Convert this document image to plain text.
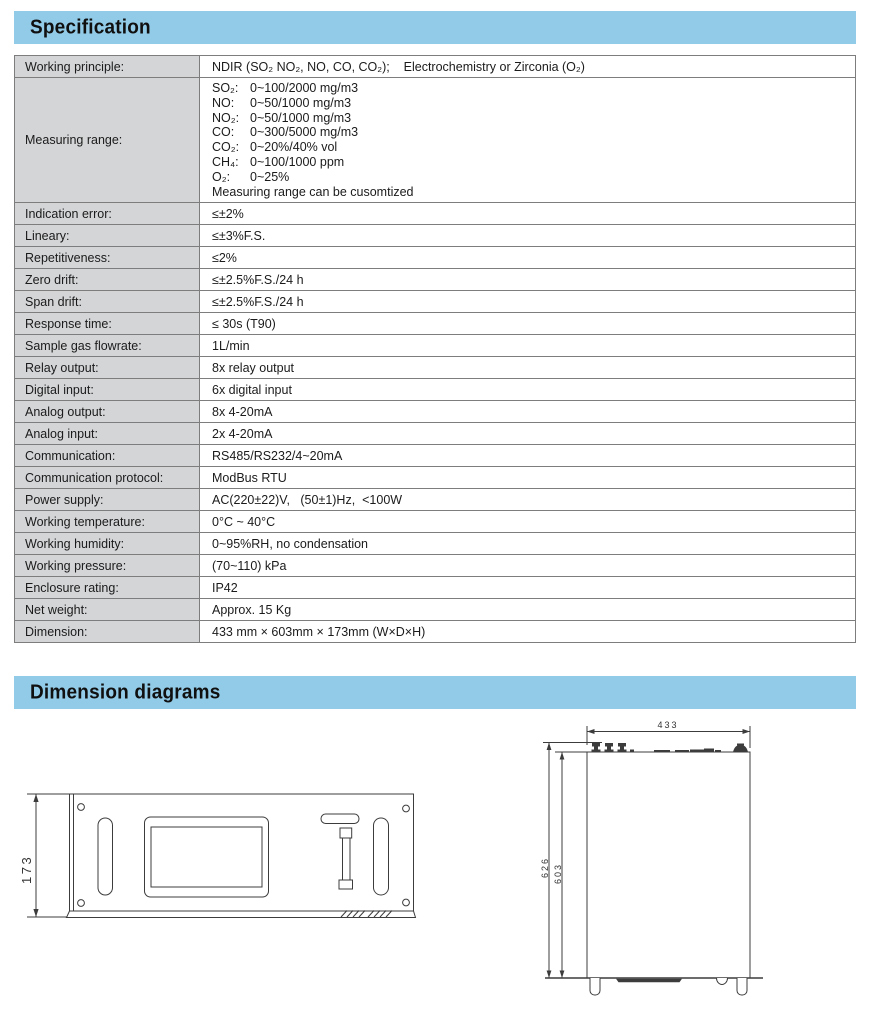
Specification
Working principle:	NDIR (SO₂ NO₂, NO, CO, CO₂);    Electrochemistry or Zirconia (O₂)
Measuring range:	
SO₂: 0~100/2000 mg/m3
NO:	0~50/1000 mg/m3
NO₂: 0~50/1000 mg/m3
CO:	0~300/5000 mg/m3
CO₂: 0~20%/40% vol
CH₄: 0~100/1000 ppm
O₂:	0~25%
Measuring range can be cusomtized

Indication error:	≤±2%
Lineary:	≤±3%F.S.
Repetitiveness:	≤2%
Zero drift:	≤±2.5%F.S./24 h
Span drift:	≤±2.5%F.S./24 h
Response time:	≤ 30s (T90)
Sample gas flowrate:	1L/min
Relay output:	8x relay output
Digital input:	6x digital input
Analog output:	8x 4-20mA
Analog input:	2x 4-20mA
Communication:	RS485/RS232/4~20mA
Communication protocol:	ModBus RTU
Power supply:	AC(220±22)V,   (50±1)Hz,  <100W
Working temperature:	0°C ~ 40°C
Working humidity:	0~95%RH, no condensation
Working pressure:	(70~110) kPa
Enclosure rating:	IP42
Net weight:	Approx. 15 Kg
Dimension:	433 mm × 603mm × 173mm (W×D×H)
Dimension diagrams
173
433
626 603
